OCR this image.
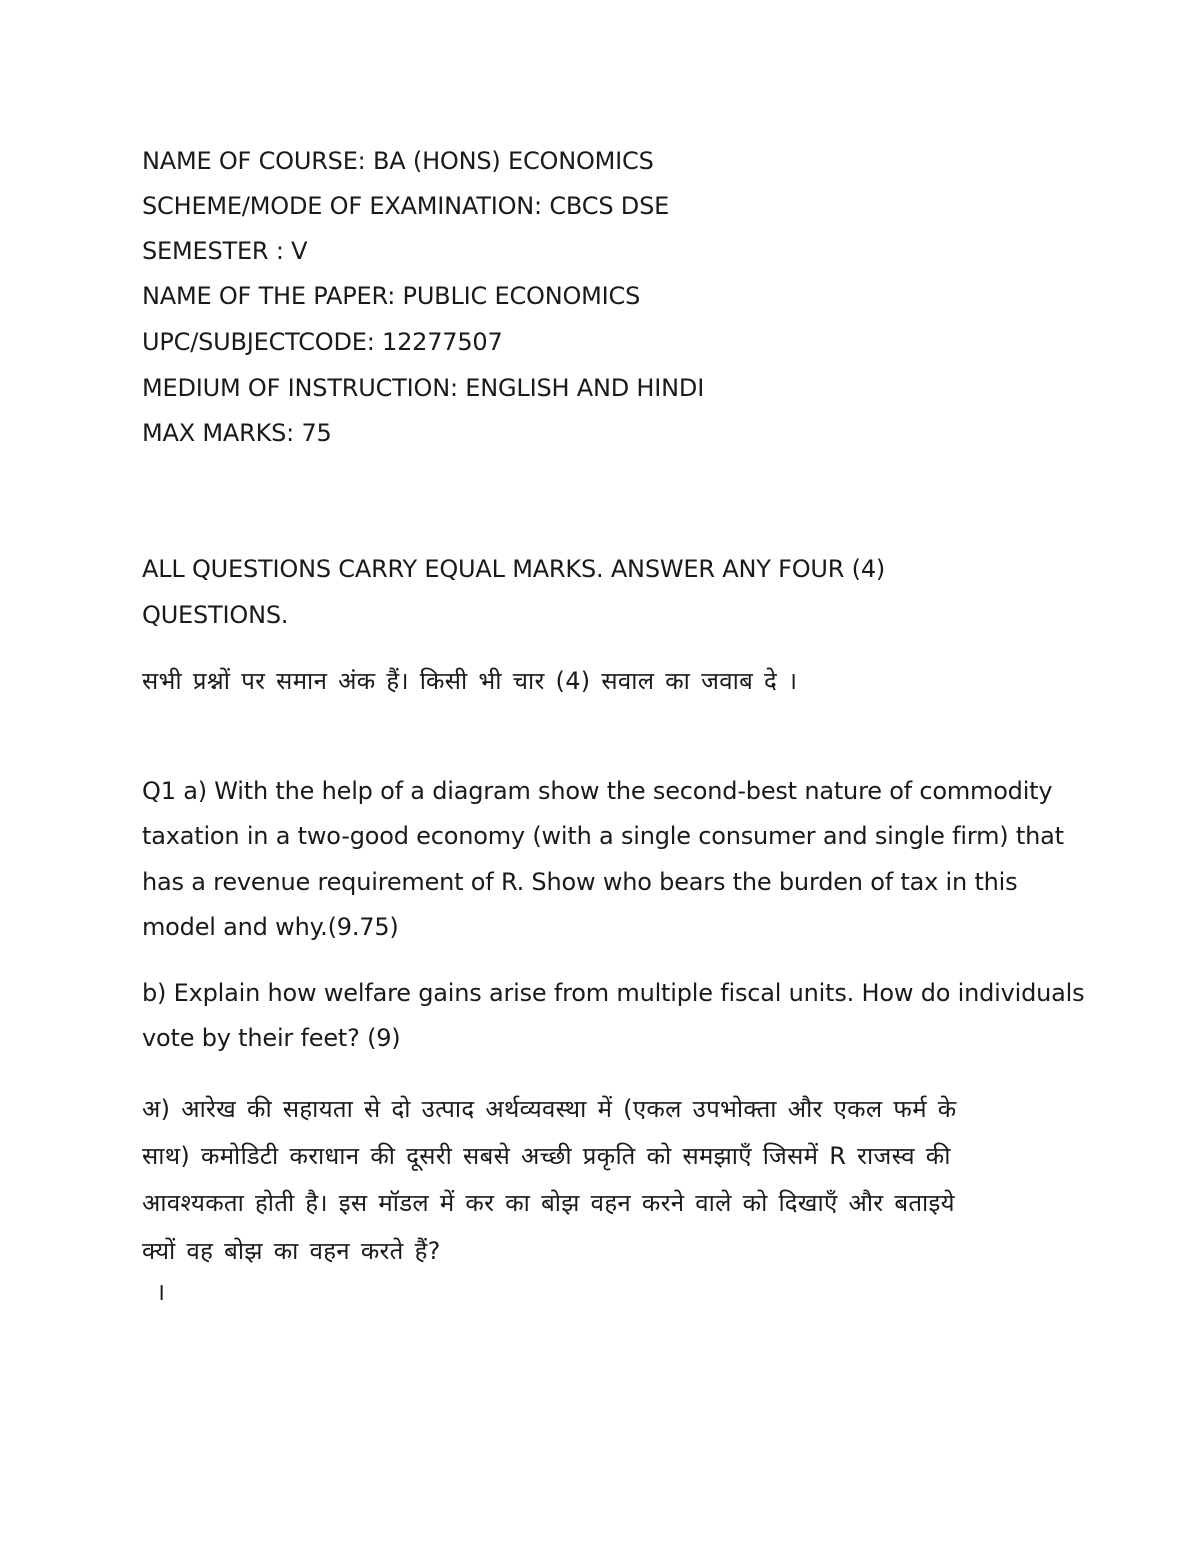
NAME OF COURSE: BA (HONS) ECONOMICS
SCHEME/MODE OF EXAMINATION: CBCS DSE
SEMESTER : V
NAME OF THE PAPER: PUBLIC ECONOMICS
UPC/SUBJECTCODE: 12277507
MEDIUM OF INSTRUCTION: ENGLISH AND HINDI
MAX MARKS: 75
ALL QUESTIONS CARRY EQUAL MARKS. ANSWER ANY FOUR (4)
QUESTIONS.
सभी प्रश्नों पर समान अंक हैं। किसी भी चार (4) सवाल का जवाब दे ।
Q1 a) With the help of a diagram show the second-best nature of commodity
taxation in a two-good economy (with a single consumer and single firm) that
has a revenue requirement of R. Show who bears the burden of tax in this
model and why.(9.75)
b) Explain how welfare gains arise from multiple fiscal units. How do individuals
vote by their feet? (9)
अ) आरेख की सहायता से दो उत्पाद अर्थव्यवस्था में (एकल उपभोक्ता और एकल फर्म के
साथ) कमोडिटी कराधान की दूसरी सबसे अच्छी प्रकृति को समझाएँ जिसमें R राजस्व की
आवश्यकता होती है। इस मॉडल में कर का बोझ वहन करने वाले को दिखाएँ और बताइये
क्यों वह बोझ का वहन करते हैं?
।
